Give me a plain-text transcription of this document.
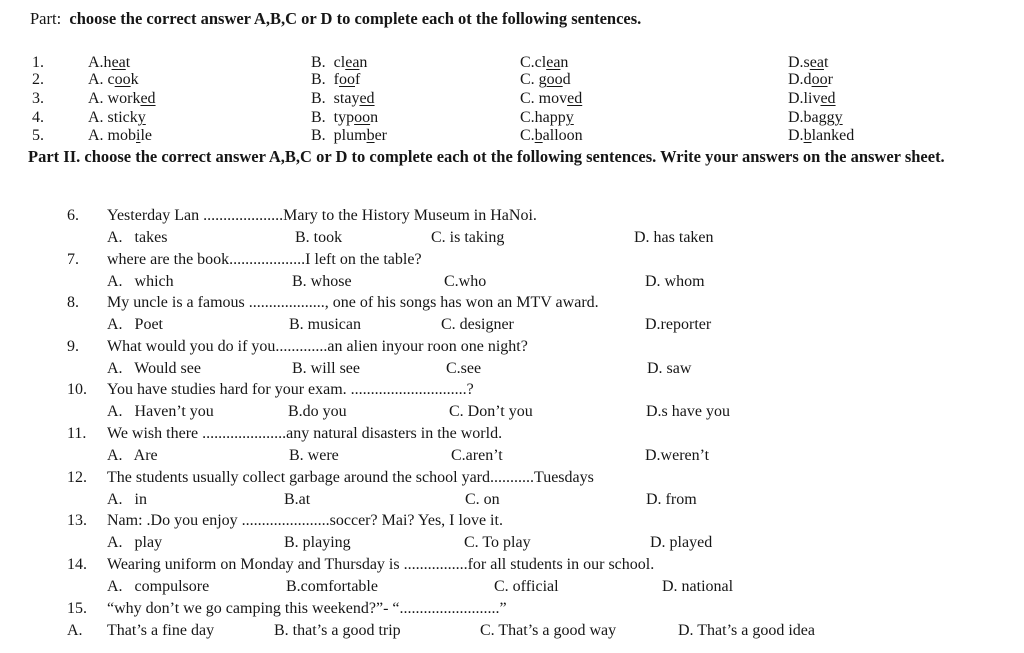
Part: choose the correct answer A,B,C or D to complete each ot the following sentences.
1.	A.heat	B.  clean	C.clean	D.seat
2.	A. cook	B.  foof	C. good	D.door
3.	A. worked	B.  stayed	C. moved	D.lived
4.	A. sticky	B.  typoon	C.happy	D.baggy
5.	A. mobile	B.  plumber	C.balloon	D.blanked
Part II. choose the correct answer A,B,C or D to complete each ot the following sentences. Write your answers on the answer sheet.
6. Yesterday Lan ....................Mary to the History Museum in HaNoi.
A.   takes	B. took	C. is taking	D. has taken
7. where are the book...................I left on the table?
A.   which	B. whose	C.who	D. whom
8. My uncle is a famous ..................., one of his songs has won an MTV award.
A.   Poet	B. musican	C. designer	D.reporter
9. What would you do if you.............an alien inyour roon one night?
A.   Would see	B. will see	C.see	D. saw
10. You have studies hard for your exam. .............................?
A.   Haven’t you	B.do you	C. Don’t you	D.s have you
11. We wish there .....................any natural disasters in the world.
A.   Are	B. were	C.aren’t	D.weren’t
12. The students usually collect garbage around the school yard...........Tuesdays
A.   in	B.at	C. on	D. from
13. Nam: .Do you enjoy ......................soccer? Mai? Yes, I love it.
A.   play	B. playing	C. To play	D. played
14. Wearing uniform on Monday and Thursday is ................for all students in our school.
A.   compulsore	B.comfortable	C. official	D. national
15. “why don’t we go camping this weekend?”- “.........................”
A. That’s a fine day	B. that’s a good trip	C. That’s a good way	D. That’s a good idea
